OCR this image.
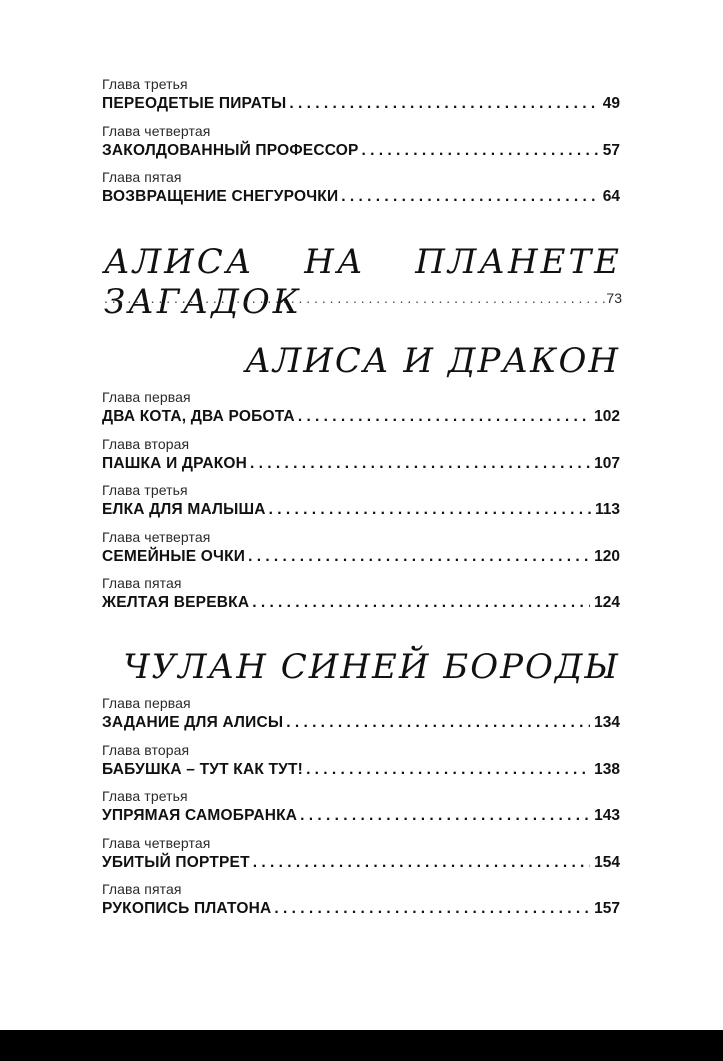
Глава третья
ПЕРЕОДЕТЫЕ ПИРАТЫ . . .	49
Глава четвертая
ЗАКОЛДОВАННЫЙ ПРОФЕССОР . . .	57
Глава пятая
ВОЗВРАЩЕНИЕ СНЕГУРОЧКИ . . .	64
АЛИСА НА ПЛАНЕТЕ ЗАГАДОК . . .	73
АЛИСА И ДРАКОН
Глава первая
ДВА КОТА, ДВА РОБОТА . . .	102
Глава вторая
ПАШКА И ДРАКОН . . .	107
Глава третья
ЕЛКА ДЛЯ МАЛЫША . . .	113
Глава четвертая
СЕМЕЙНЫЕ ОЧКИ . . .	120
Глава пятая
ЖЕЛТАЯ ВЕРЕВКА . . .	124
ЧУЛАН СИНЕЙ БОРОДЫ
Глава первая
ЗАДАНИЕ ДЛЯ АЛИСЫ . . .	134
Глава вторая
БАБУШКА – ТУТ КАК ТУТ! . . .	138
Глава третья
УПРЯМАЯ САМОБРАНКА . . .	143
Глава четвертая
УБИТЫЙ ПОРТРЕТ . . .	154
Глава пятая
РУКОПИСЬ ПЛАТОНА . . .	157
